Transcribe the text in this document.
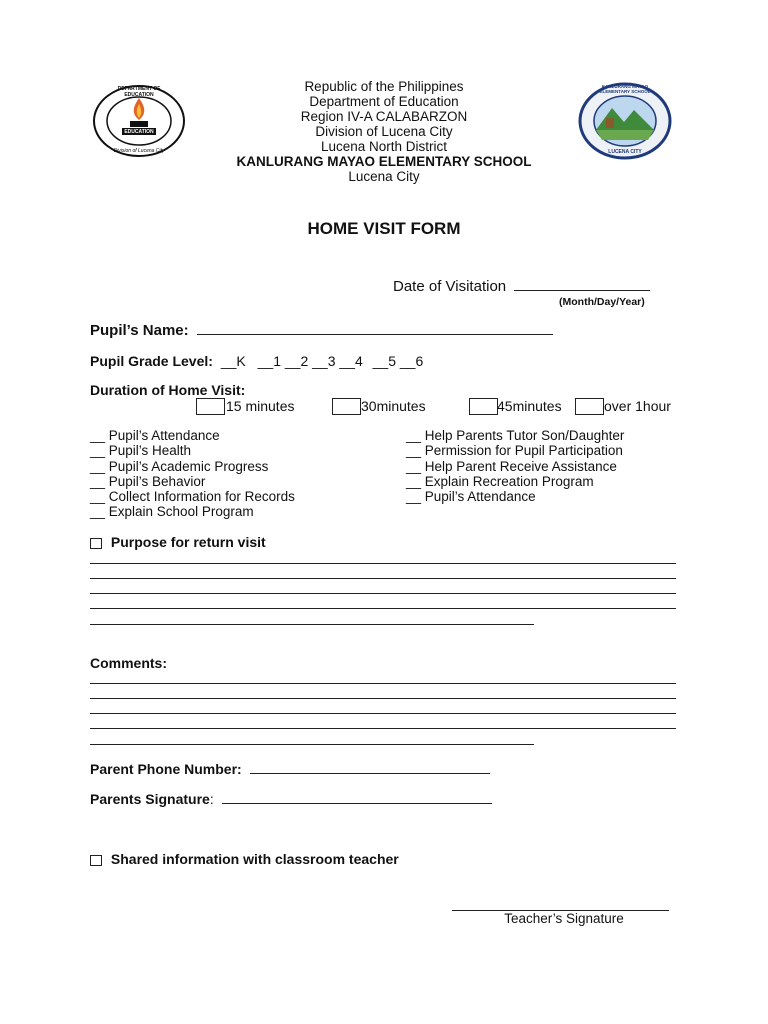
EDUCATION
DEPARTMENT OF EDUCATION
Division of Lucena City
KANLURANG MAYAO ELEMENTARY SCHOOL
LUCENA CITY
Republic of the Philippines
Department of Education
Region IV-A CALABARZON
Division of Lucena City
Lucena North District
KANLURANG MAYAO ELEMENTARY SCHOOL
Lucena City
HOME VISIT FORM
Date of Visitation
(Month/Day/Year)
Pupil’s Name:
Pupil Grade Level: __K __1 __2 __3 __4 __5 __6
Duration of Home Visit:
15 minutes	30minutes	45minutes	over 1hour
__ Pupil’s Attendance
__ Pupil’s Health
__ Pupil’s Academic Progress
__ Pupil’s Behavior
__ Collect Information for Records
__ Explain School Program
__ Help Parents Tutor Son/Daughter
__ Permission for Pupil Participation
__ Help Parent Receive Assistance
__ Explain Recreation Program
__ Pupil’s Attendance
Purpose for return visit
Comments:
Parent Phone Number:
Parents Signature:
Shared information with classroom teacher
Teacher’s Signature
